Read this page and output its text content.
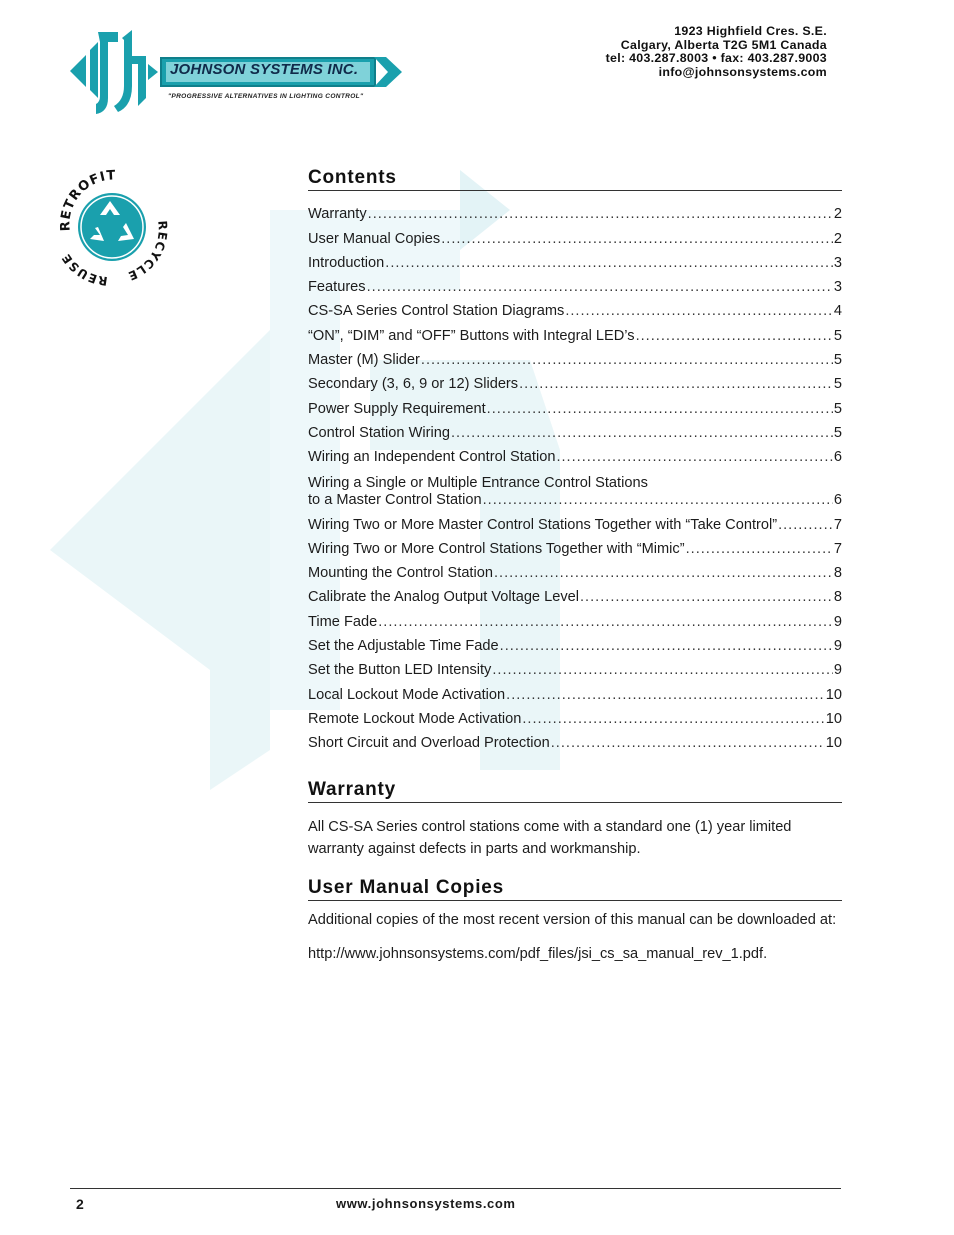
JOHNSON SYSTEMS INC.
"PROGRESSIVE ALTERNATIVES IN LIGHTING CONTROL"
1923 Highfield Cres. S.E.
Calgary, Alberta T2G 5M1 Canada
tel: 403.287.8003 • fax: 403.287.9003
info@johnsonsystems.com
RETROFIT
RECYCLE
REUSE
Contents
Warranty .....	2
User Manual Copies .....	2
Introduction .....	3
Features .....	3
CS-SA Series Control Station Diagrams .....	4
“ON”, “DIM” and “OFF” Buttons with Integral LED’s .....	5
Master (M) Slider .....	5
Secondary (3, 6, 9 or 12) Sliders .....	5
Power Supply Requirement .....	5
Control Station Wiring .....	5
Wiring an Independent Control Station .....	6
Wiring a Single or Multiple Entrance Control Stations
to a Master Control Station .....	6
Wiring Two or More Master Control Stations Together with “Take Control” .....	7
Wiring Two or More Control Stations Together with “Mimic” .....	7
Mounting the Control Station .....	8
Calibrate the Analog Output Voltage Level .....	8
Time Fade .....	9
Set the Adjustable Time Fade .....	9
Set the Button LED Intensity .....	9
Local Lockout Mode Activation .....	10
Remote Lockout Mode Activation .....	10
Short Circuit and Overload Protection .....	10
Warranty

All CS-SA Series control stations come with a standard one (1) year limited warranty against defects in parts and workmanship.

User Manual Copies

Additional copies of the most recent version of this manual can be downloaded at:

http://www.johnsonsystems.com/pdf_files/jsi_cs_sa_manual_rev_1.pdf.

2	www.johnsonsystems.com
